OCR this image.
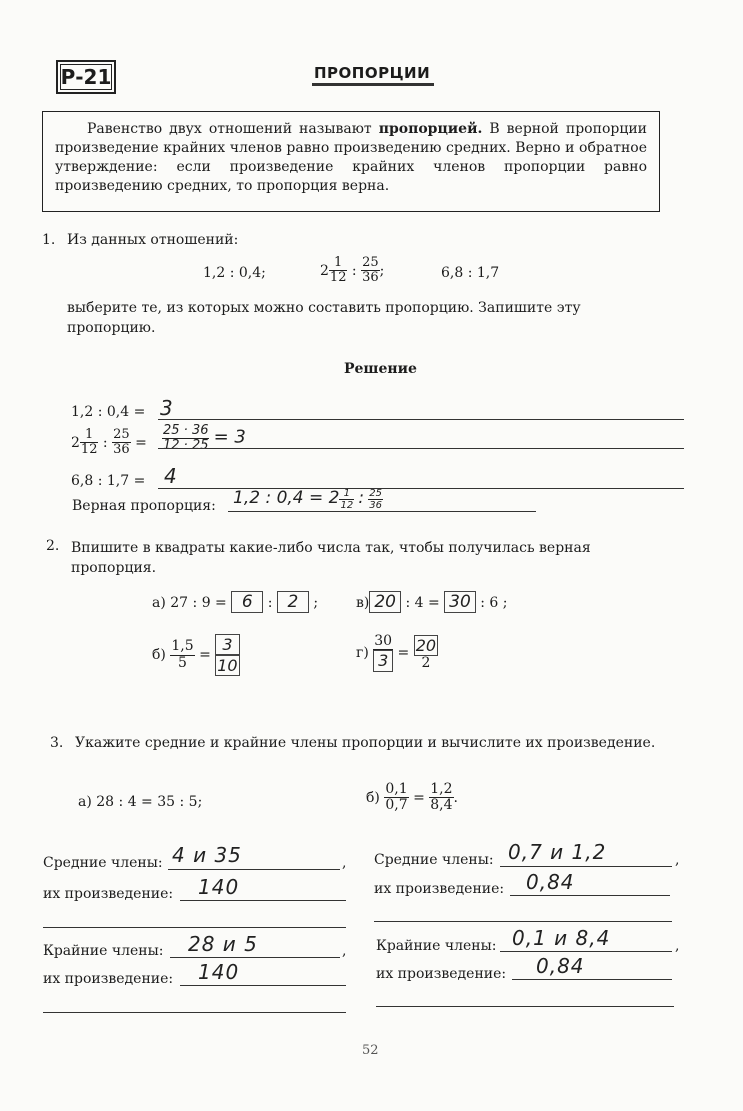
Р-21	ПРОПОРЦИИ
Равенство двух отношений называют пропорцией. В верной пропорции произведение крайних членов равно произведению средних. Верно и обратное утверждение: если произведение крайних членов пропорции равно произведению средних, то пропорция верна.
1. Из данных отношений:
1,2 : 0,4;	$2 \frac{1}{12}$ : $\frac{25}{36}$ ;	6,8 : 1,7
выберите те, из которых можно составить пропорцию. Запишите эту пропорцию.
Решение
1,2 : 0,4 = 3
$2 \frac{1}{12}$ : $\frac{25}{36} = \frac{25 \cdot 36}{12 \cdot 25} = 3$
6,8 : 1,7 = 4
Верная пропорция: 1,2 : $0,4 = 2 \frac{1}{12}$ : $\frac{25}{36}$
2. Впишите в квадраты какие-либо числа так, чтобы получилась верная пропорция.
а) 27 : 9 = 6 : 2 ;	в) 20 : 4 = 30 : 6 ;
$б) \frac{1,5}{5} = \frac{3}{10}$	$г) \frac{30}{3} = \frac{20}{2}$
3. Укажите средние и крайние члены пропорции и вычислите их произведение.
а) 28 : 4 = 35 : 5;	$б) \frac{0,1}{0,7} = \frac{1,2}{8,4}$ .
Средние члены: 4 и 35	,
их произведение: 140
Крайние члены: 28 и 5	,
их произведение: 140
Средние члены: 0,7 и 1,2	,
их произведение: 0,84
Крайние члены: 0,1 и 8,4	,
их произведение: 0,84
52
